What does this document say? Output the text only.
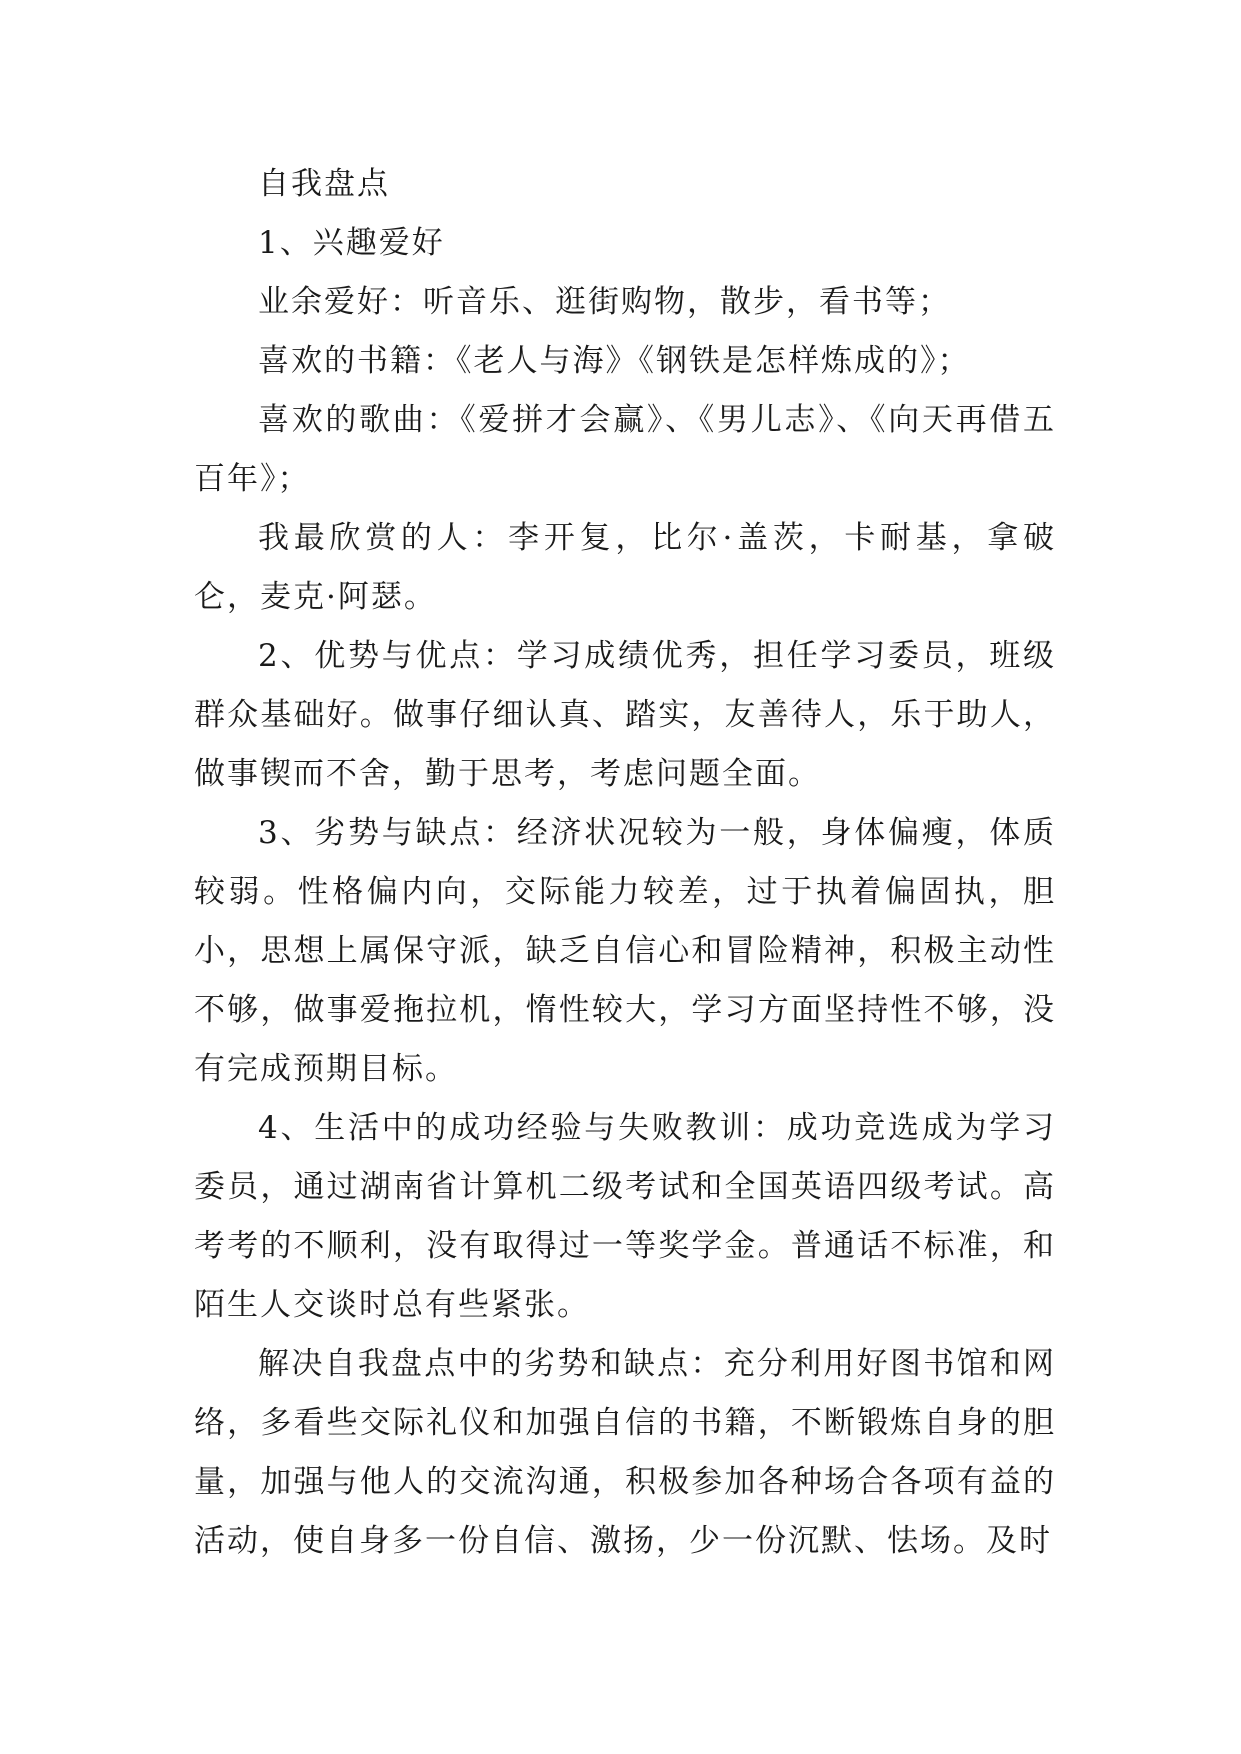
自我盘点

1、兴趣爱好

业余爱好：听音乐、逛街购物，散步，看书等；

喜欢的书籍：《老人与海》《钢铁是怎样炼成的》；

喜欢的歌曲：《爱拼才会赢》、《男儿志》、《向天再借五百年》；

我最欣赏的人：李开复，比尔·盖茨，卡耐基，拿破仑，麦克·阿瑟。

2、优势与优点：学习成绩优秀，担任学习委员，班级群众基础好。做事仔细认真、踏实，友善待人，乐于助人，做事锲而不舍，勤于思考，考虑问题全面。

3、劣势与缺点：经济状况较为一般，身体偏瘦，体质较弱。性格偏内向，交际能力较差，过于执着偏固执，胆小，思想上属保守派，缺乏自信心和冒险精神，积极主动性不够，做事爱拖拉机，惰性较大，学习方面坚持性不够，没有完成预期目标。

4、生活中的成功经验与失败教训：成功竞选成为学习委员，通过湖南省计算机二级考试和全国英语四级考试。高考考的不顺利，没有取得过一等奖学金。普通话不标准，和陌生人交谈时总有些紧张。

解决自我盘点中的劣势和缺点：充分利用好图书馆和网络，多看些交际礼仪和加强自信的书籍，不断锻炼自身的胆量，加强与他人的交流沟通，积极参加各种场合各项有益的活动，使自身多一份自信、激扬，少一份沉默、怯场。及时
